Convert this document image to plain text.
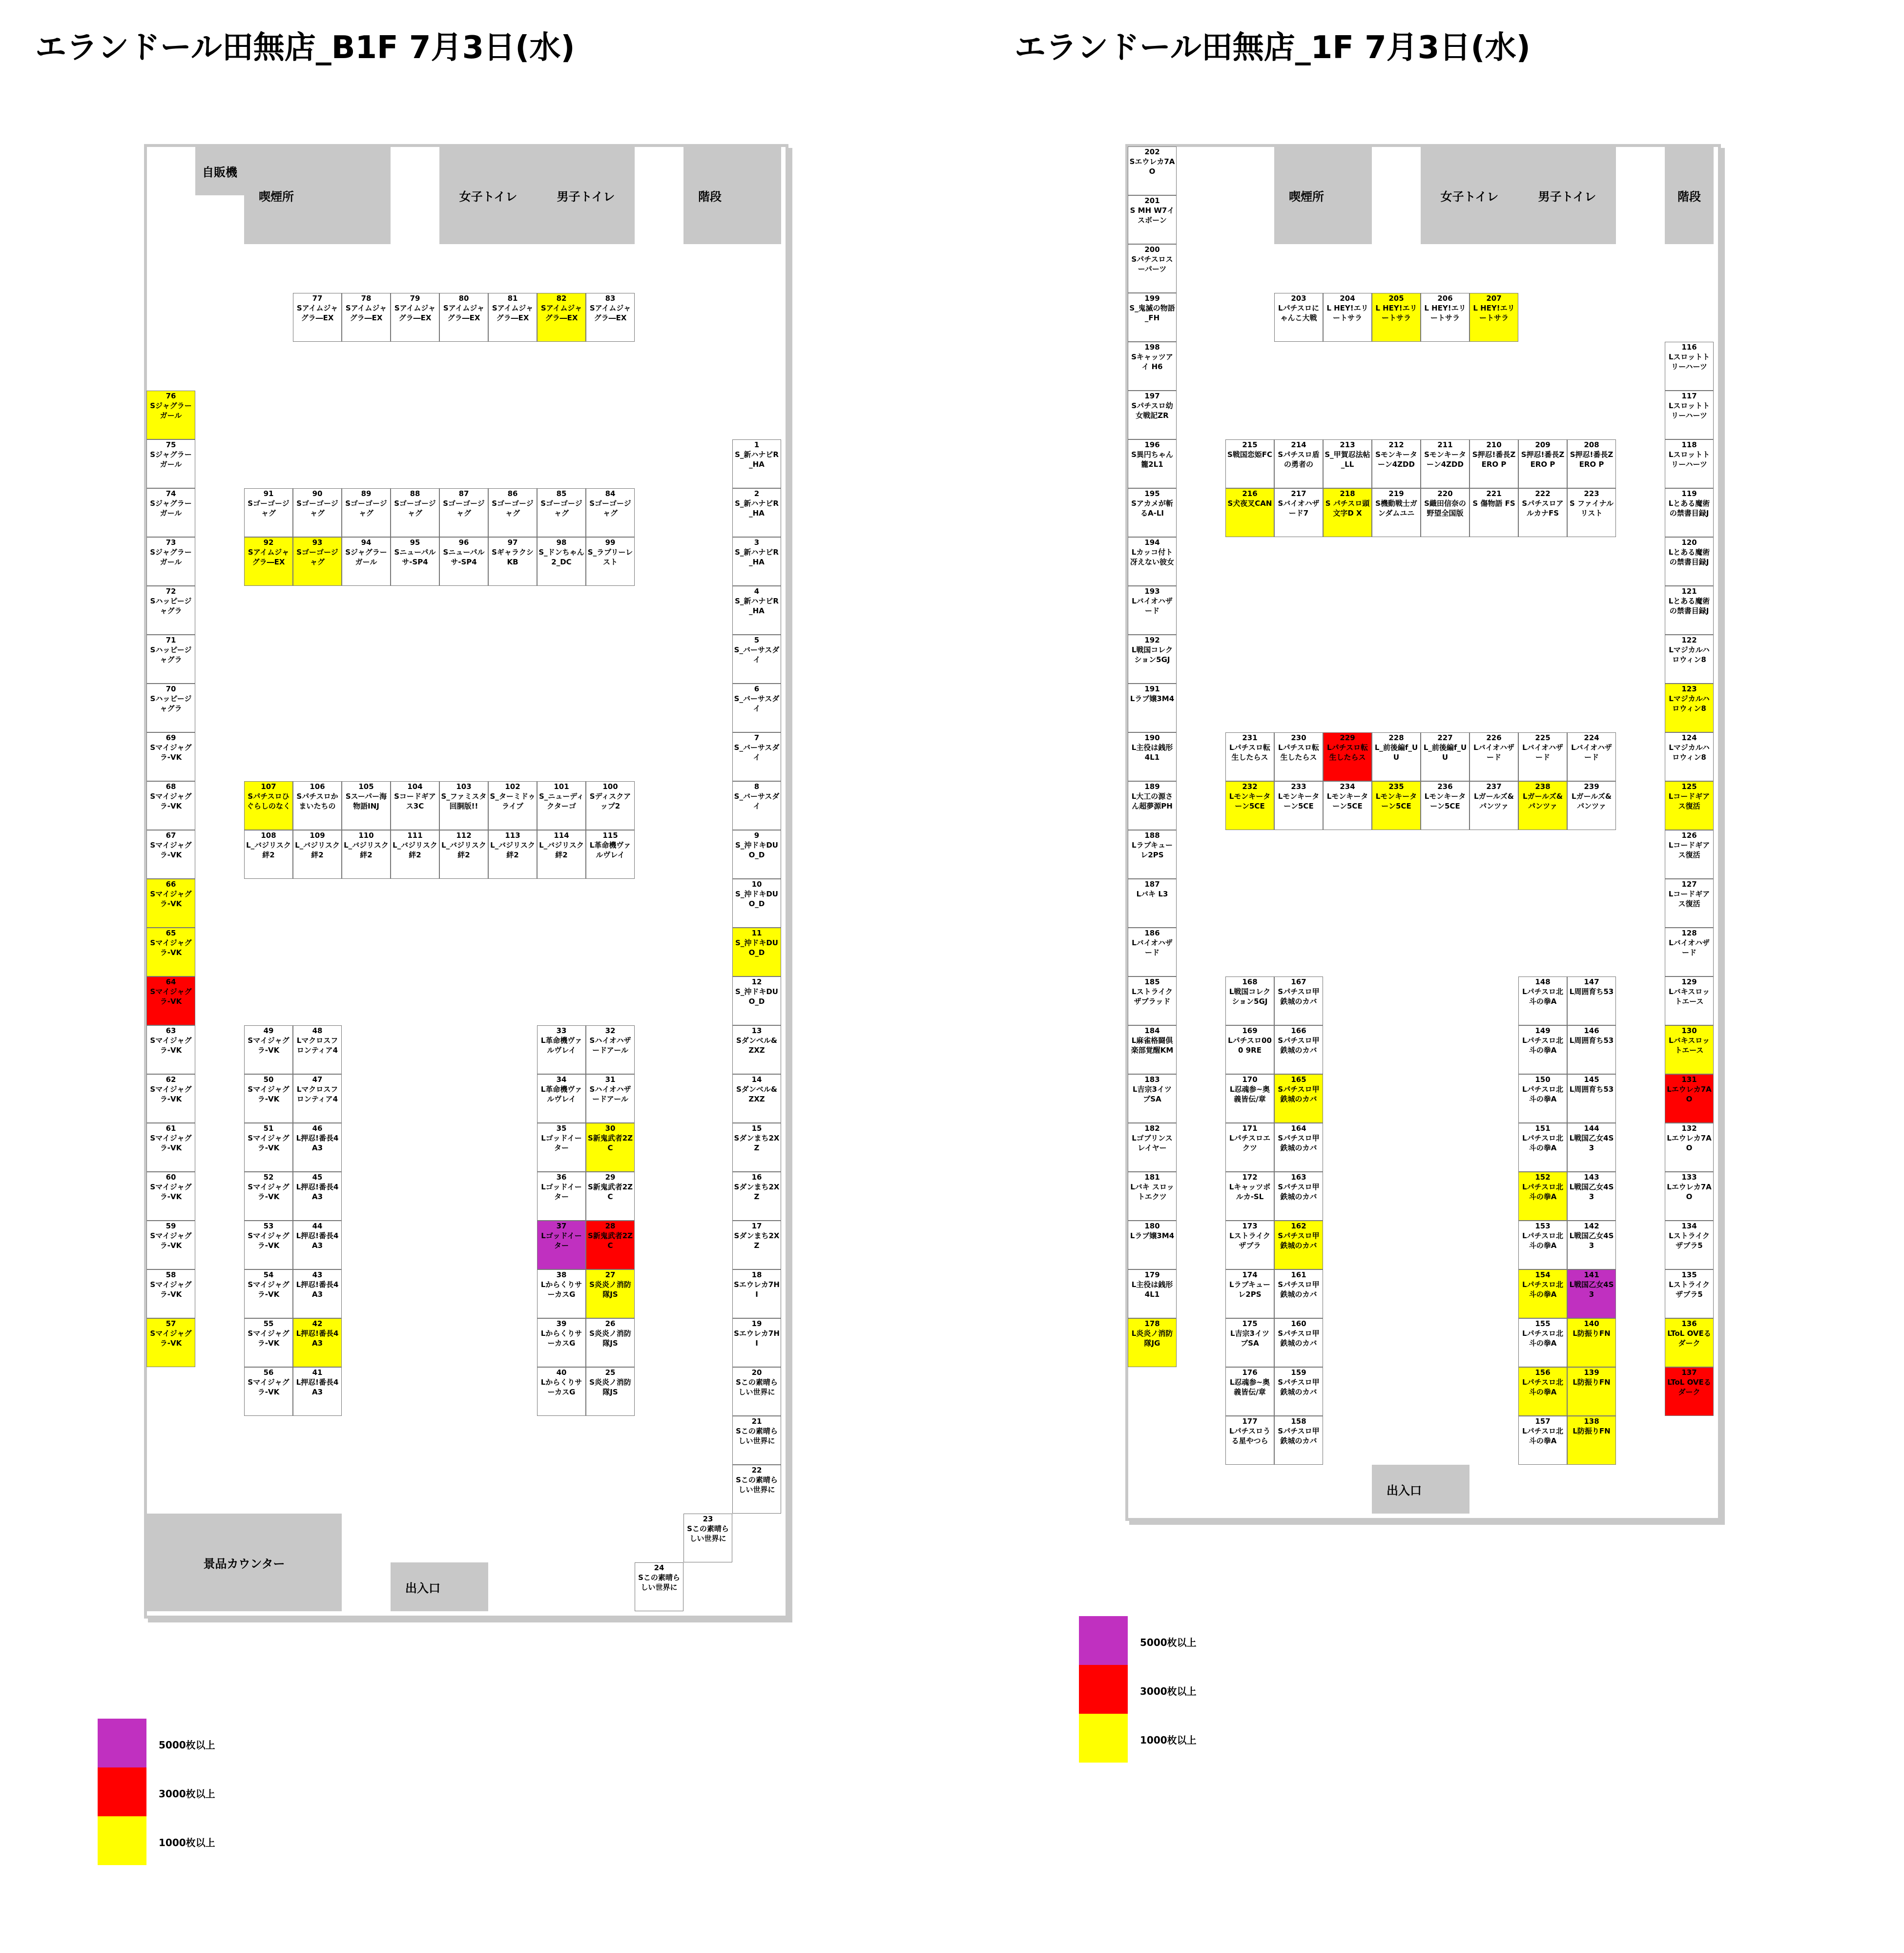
エランドール田無店_B1F 7月3日(水)	エランドール田無店_1F 7月3日(水)
5000枚以上
3000枚以上
1000枚以上
5000枚以上
3000枚以上
1000枚以上
77
Sアイムジャグラ―EX
78
Sアイムジャグラ―EX
79
Sアイムジャグラ―EX
80
Sアイムジャグラ―EX
81
Sアイムジャグラ―EX
82
Sアイムジャグラ―EX
83
Sアイムジャグラ―EX
76
Sジャグラーガール
75
Sジャグラーガール
74
Sジャグラーガール
73
Sジャグラーガール
72
Sハッピージャグラ
71
Sハッピージャグラ
70
Sハッピージャグラ
69
Sマイジャグラ-VK
68
Sマイジャグラ-VK
67
Sマイジャグラ-VK
66
Sマイジャグラ-VK
65
Sマイジャグラ-VK
64
Sマイジャグラ-VK
63
Sマイジャグラ-VK
62
Sマイジャグラ-VK
61
Sマイジャグラ-VK
60
Sマイジャグラ-VK
59
Sマイジャグラ-VK
58
Sマイジャグラ-VK
57
Sマイジャグラ-VK
1
S_新ハナビR_HA
2
S_新ハナビR_HA
3
S_新ハナビR_HA
4
S_新ハナビR_HA
5
S_バーサスダイ
6
S_バーサスダイ
7
S_バーサスダイ
8
S_バーサスダイ
9
S_沖ドキDUO_D
10
S_沖ドキDUO_D
11
S_沖ドキDUO_D
12
S_沖ドキDUO_D
13
Sダンベル&ZXZ
14
Sダンベル&ZXZ
15
Sダンまち2XZ
16
Sダンまち2XZ
17
Sダンまち2XZ
18
Sエウレカ7HI
19
Sエウレカ7HI
20
Sこの素晴らしい世界に
21
Sこの素晴らしい世界に
22
Sこの素晴らしい世界に
23
Sこの素晴らしい世界に
24
Sこの素晴らしい世界に
91
Sゴーゴージャグ
90
Sゴーゴージャグ
89
Sゴーゴージャグ
88
Sゴーゴージャグ
87
Sゴーゴージャグ
86
Sゴーゴージャグ
85
Sゴーゴージャグ
84
Sゴーゴージャグ
92
Sアイムジャグラ―EX
93
Sゴーゴージャグ
94
Sジャグラーガール
95
Sニューパルサ-SP4
96
Sニューパルサ-SP4
97
SギャラクシKB
98
S_ドンちゃん2_DC
99
S_ラブリーレスト
107
Sパチスロひぐらしのなく
106
Sパチスロかまいたちの
105
Sスーパー海物語INJ
104
Sコードギアス3C
103
S_ファミスタ回胴版!!
102
S_ターミドゥライブ
101
S_ニューディクターゴ
100
Sディスクアップ2
108
L_バジリスク絆2
109
L_バジリスク絆2
110
L_バジリスク絆2
111
L_バジリスク絆2
112
L_バジリスク絆2
113
L_バジリスク絆2
114
L_バジリスク絆2
115
L革命機ヴァルヴレイ
49
Sマイジャグラ-VK
48
Lマクロスフロンティア4
50
Sマイジャグラ-VK
47
Lマクロスフロンティア4
51
Sマイジャグラ-VK
46
L押忍!番長4A3
52
Sマイジャグラ-VK
45
L押忍!番長4A3
53
Sマイジャグラ-VK
44
L押忍!番長4A3
54
Sマイジャグラ-VK
43
L押忍!番長4A3
55
Sマイジャグラ-VK
42
L押忍!番長4A3
56
Sマイジャグラ-VK
41
L押忍!番長4A3
33
L革命機ヴァルヴレイ
32
Sハイオハザードアール
34
L革命機ヴァルヴレイ
31
Sハイオハザードアール
35
Lゴッドイーター
30
S新鬼武者2ZC
36
Lゴッドイーター
29
S新鬼武者2ZC
37
Lゴッドイーター
28
S新鬼武者2ZC
38
LからくりサーカスG
27
S炎炎ノ消防隊JS
39
LからくりサーカスG
26
S炎炎ノ消防隊JS
40
LからくりサーカスG
25
S炎炎ノ消防隊JS
202
Sエウレカ7AO
201
S MH W7イスボーン
200
Sパチスロスーパーツ
199
S_鬼滅の物語_FH
198
Sキャッツアイ H6
197
Sパチスロ幼女戦記ZR
196
S異円ちゃん籠2L1
195
Sアカメが斬るA-LI
194
Lカッコ付ト冴えない彼女
193
Lバイオハザード
192
L戦国コレクション5GJ
191
Lラブ嬢3M4
190
L主役は銭形4L1
189
L大工の源さん超夢源PH
188
Lラブキューレ2PS
187
Lバキ L3
186
Lバイオハザード
185
Lストライクザブラッド
184
L麻雀格闘倶楽部覚醒KM
183
L吉宗3イツブSA
182
Lゴブリンスレイヤー
181
Lバキ スロットエクツ
180
Lラブ嬢3M4
179
L主役は銭形4L1
178
L炎炎ノ消防隊JG
116
Lスロットトリーハーツ
117
Lスロットトリーハーツ
118
Lスロットトリーハーツ
119
Lとある魔術の禁書目録J
120
Lとある魔術の禁書目録J
121
Lとある魔術の禁書目録J
122
Lマジカルハロウィン8
123
Lマジカルハロウィン8
124
Lマジカルハロウィン8
125
Lコードギアス復活
126
Lコードギアス復活
127
Lコードギアス復活
128
Lバイオハザード
129
Lバキスロットエース
130
Lバキスロットエース
131
Lエウレカ7AO
132
Lエウレカ7AO
133
Lエウレカ7AO
134
Lストライクザブラ5
135
Lストライクザブラ5
136
LToL OVEるダーク
137
LToL OVEるダーク
203
Lパチスロにゃんこ大戦
204
L HEY!エリートサラ
205
L HEY!エリートサラ
206
L HEY!エリートサラ
207
L HEY!エリートサラ
215
S戦国恋姫FC
214
Sパチスロ盾の勇者の
213
S_甲賀忍法帖_LL
212
Sモンキーターン4ZDD
211
Sモンキーターン4ZDD
210
S押忍!番長ZERO P
209
S押忍!番長ZERO P
208
S押忍!番長ZERO P
216
S犬夜叉CAN
217
Sバイオハザード7
218
S パチスロ頭文字D X
219
S機動戦士ガンダムユニ
220
S織田信奈の野望全国版
221
S 傷物語 FS
222
SパチスロアルカナFS
223
S ファイナルリスト
231
Lパチスロ転生したらス
230
Lパチスロ転生したらス
229
Lパチスロ転生したらス
228
L_前後編f_U U
227
L_前後編f_U U
226
Lバイオハザード
225
Lバイオハザード
224
Lバイオハザード
232
Lモンキーターン5CE
233
Lモンキーターン5CE
234
Lモンキーターン5CE
235
Lモンキーターン5CE
236
Lモンキーターン5CE
237
Lガールズ&パンツァ
238
Lガールズ&パンツァ
239
Lガールズ&パンツァ
168
L戦国コレクション5GJ
167
Sパチスロ甲鉄城のカバ
169
Lパチスロ000 9RE
166
Sパチスロ甲鉄城のカバ
170
L忍魂参~奥義皆伝/章
165
Sパチスロ甲鉄城のカバ
171
Lパチスロエクツ
164
Sパチスロ甲鉄城のカバ
172
Lキャッツポルカ-SL
163
Sパチスロ甲鉄城のカバ
173
Lストライクザブラ
162
Sパチスロ甲鉄城のカバ
174
Lラブキューレ2PS
161
Sパチスロ甲鉄城のカバ
175
L吉宗3イツブSA
160
Sパチスロ甲鉄城のカバ
176
L忍魂参~奥義皆伝/章
159
Sパチスロ甲鉄城のカバ
177
Lパチスロうる星やつら
158
Sパチスロ甲鉄城のカバ
148
Lパチスロ北斗の拳A
147
L周囲育ち53
149
Lパチスロ北斗の拳A
146
L周囲育ち53
150
Lパチスロ北斗の拳A
145
L周囲育ち53
151
Lパチスロ北斗の拳A
144
L戦国乙女4S3
152
Lパチスロ北斗の拳A
143
L戦国乙女4S3
153
Lパチスロ北斗の拳A
142
L戦国乙女4S3
154
Lパチスロ北斗の拳A
141
L戦国乙女4S3
155
Lパチスロ北斗の拳A
140
L防振りFN
156
Lパチスロ北斗の拳A
139
L防振りFN
157
Lパチスロ北斗の拳A
138
L防振りFN
自販機
喫煙所	女子トイレ	男子トイレ	階段
景品カウンター
出入口
喫煙所	女子トイレ	男子トイレ	階段
出入口
